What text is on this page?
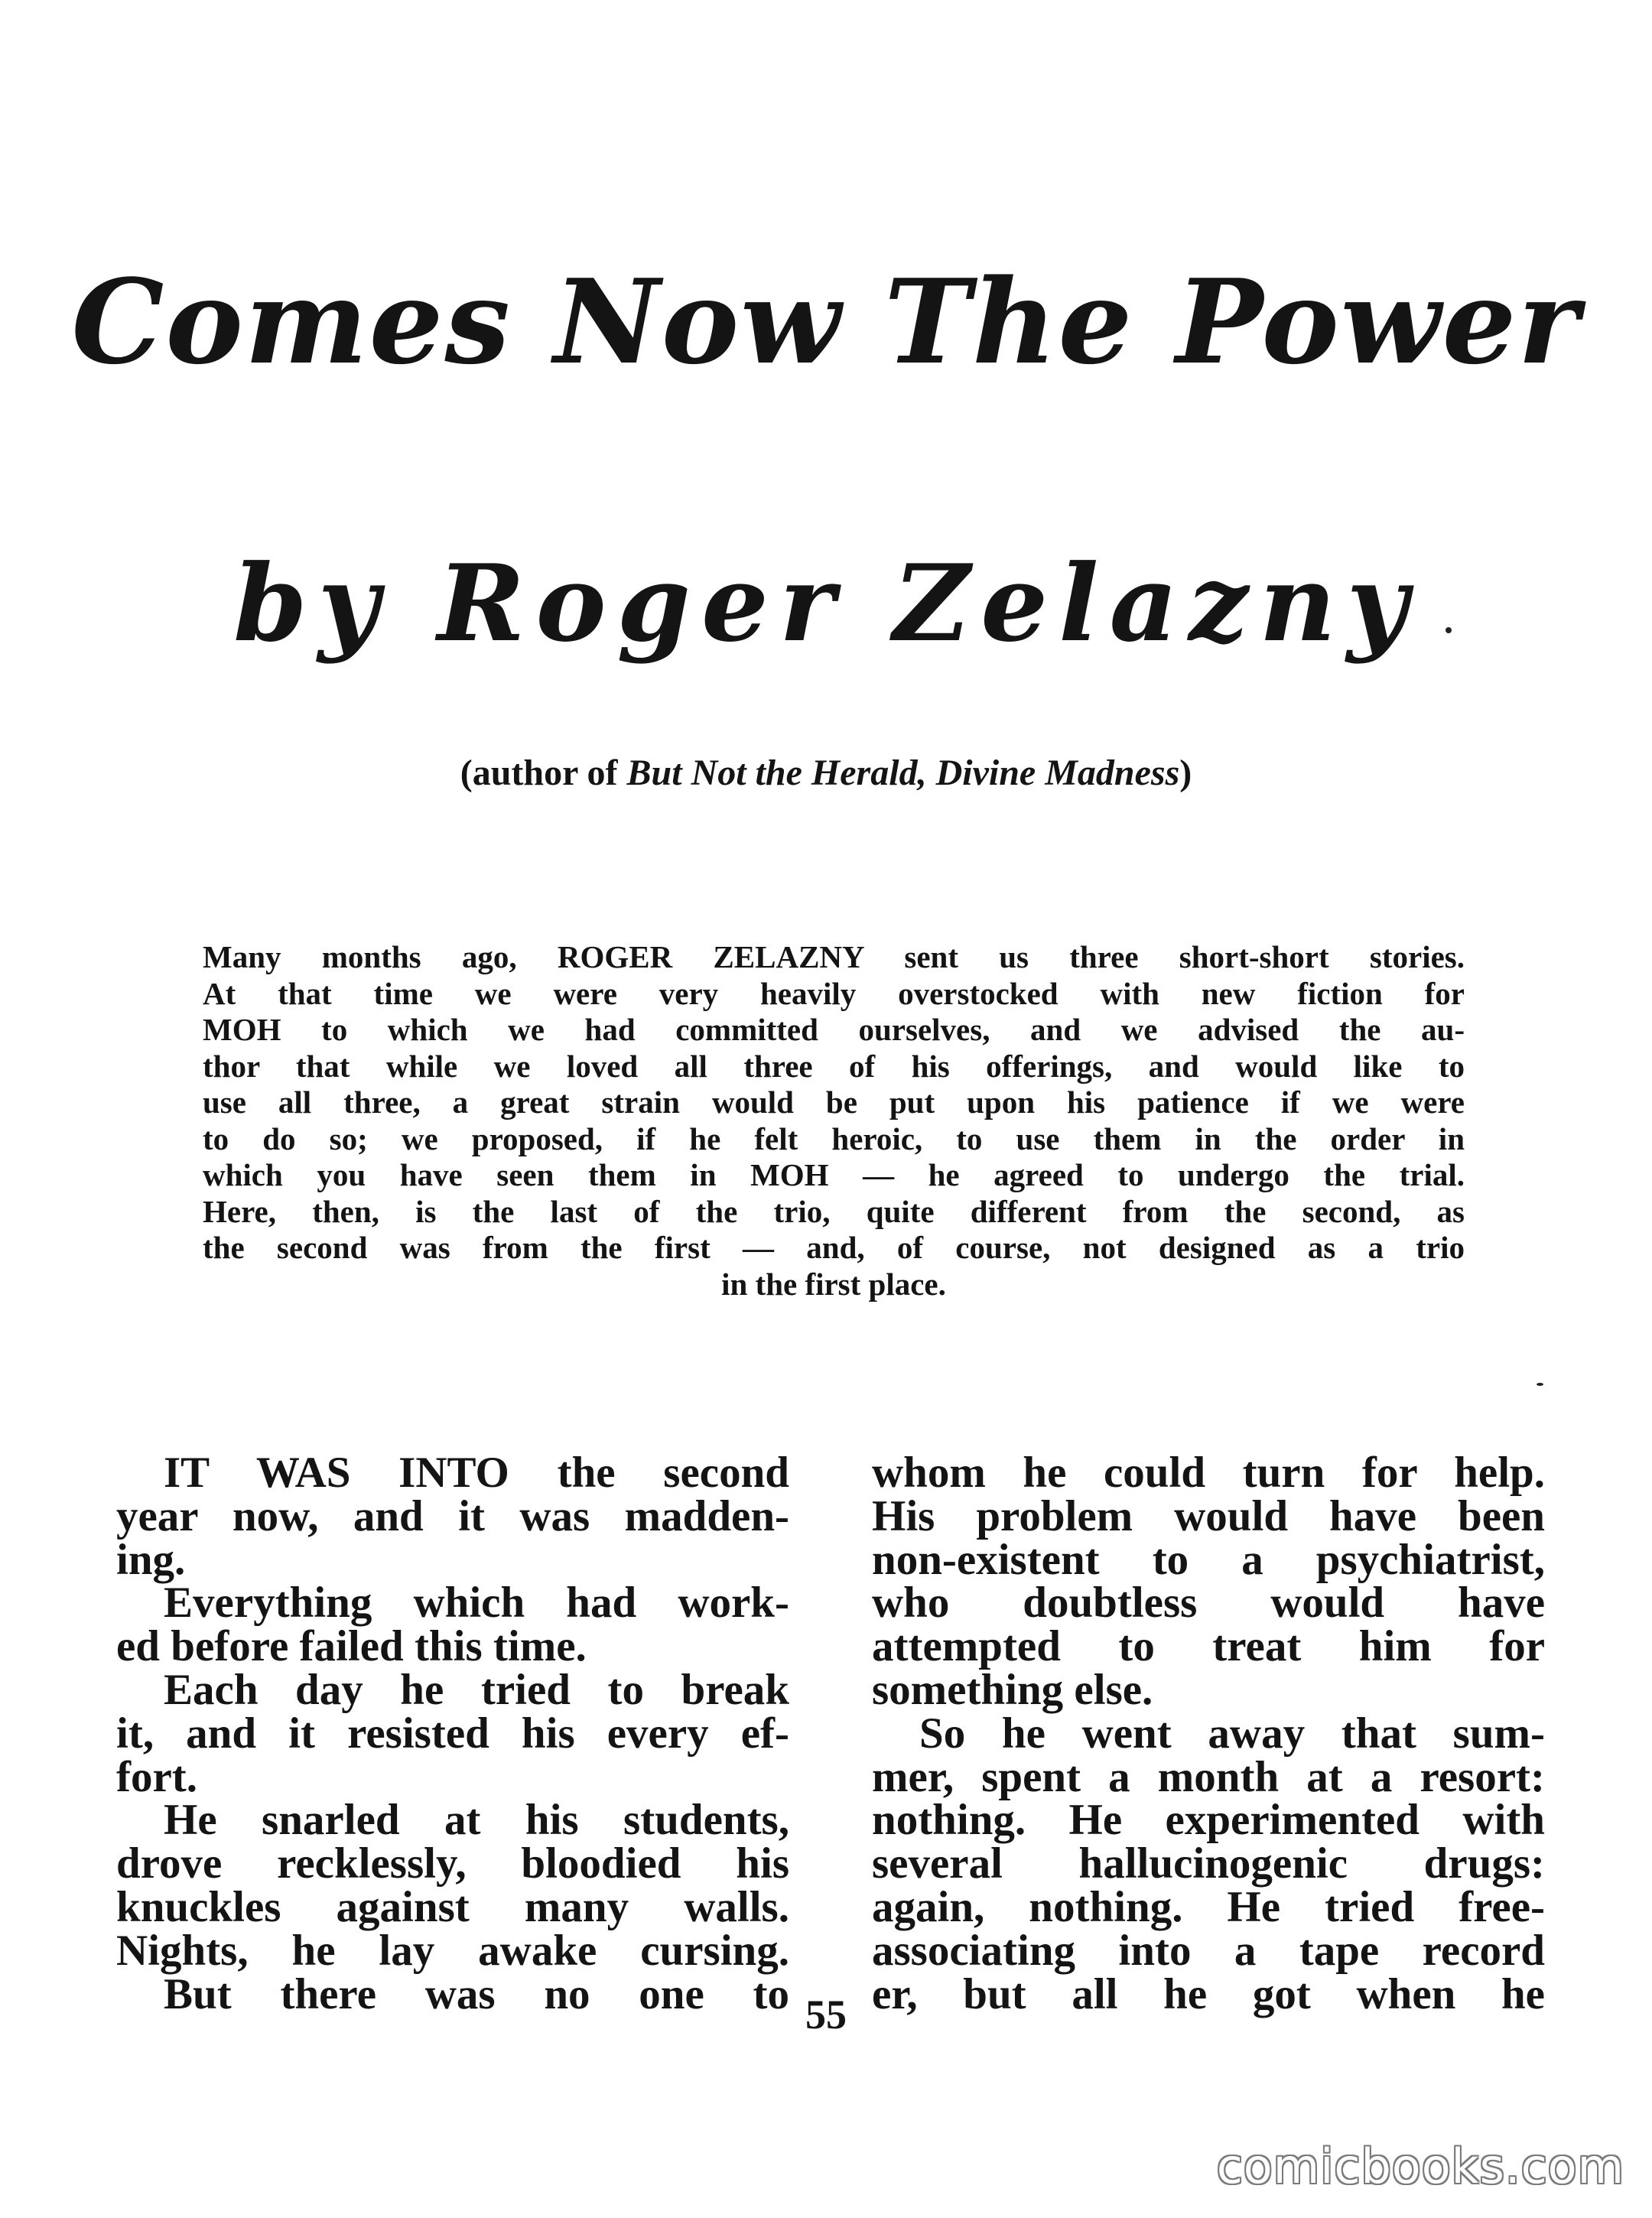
Comes Now The Power
by Roger Zelazny
(author of But Not the Herald, Divine Madness)
Many months ago, ROGER ZELAZNY sent us three short-short stories.
At that time we were very heavily overstocked with new fiction for
MOH to which we had committed ourselves, and we advised the au-
thor that while we loved all three of his offerings, and would like to
use all three, a great strain would be put upon his patience if we were
to do so; we proposed, if he felt heroic, to use them in the order in
which you have seen them in MOH — he agreed to undergo the trial.
Here, then, is the last of the trio, quite different from the second, as
the second was from the first — and, of course, not designed as a trio
in the first place.
IT WAS INTO the second
year now, and it was madden-
ing.
Everything which had work-
ed before failed this time.
Each day he tried to break
it, and it resisted his every ef-
fort.
He snarled at his students,
drove recklessly, bloodied his
knuckles against many walls.
Nights, he lay awake cursing.
But there was no one to
whom he could turn for help.
His problem would have been
non-existent to a psychiatrist,
who doubtless would have
attempted to treat him for
something else.
So he went away that sum-
mer, spent a month at a resort:
nothing. He experimented with
several hallucinogenic drugs:
again, nothing. He tried free-
associating into a tape record
er, but all he got when he
55
comicbooks.com
